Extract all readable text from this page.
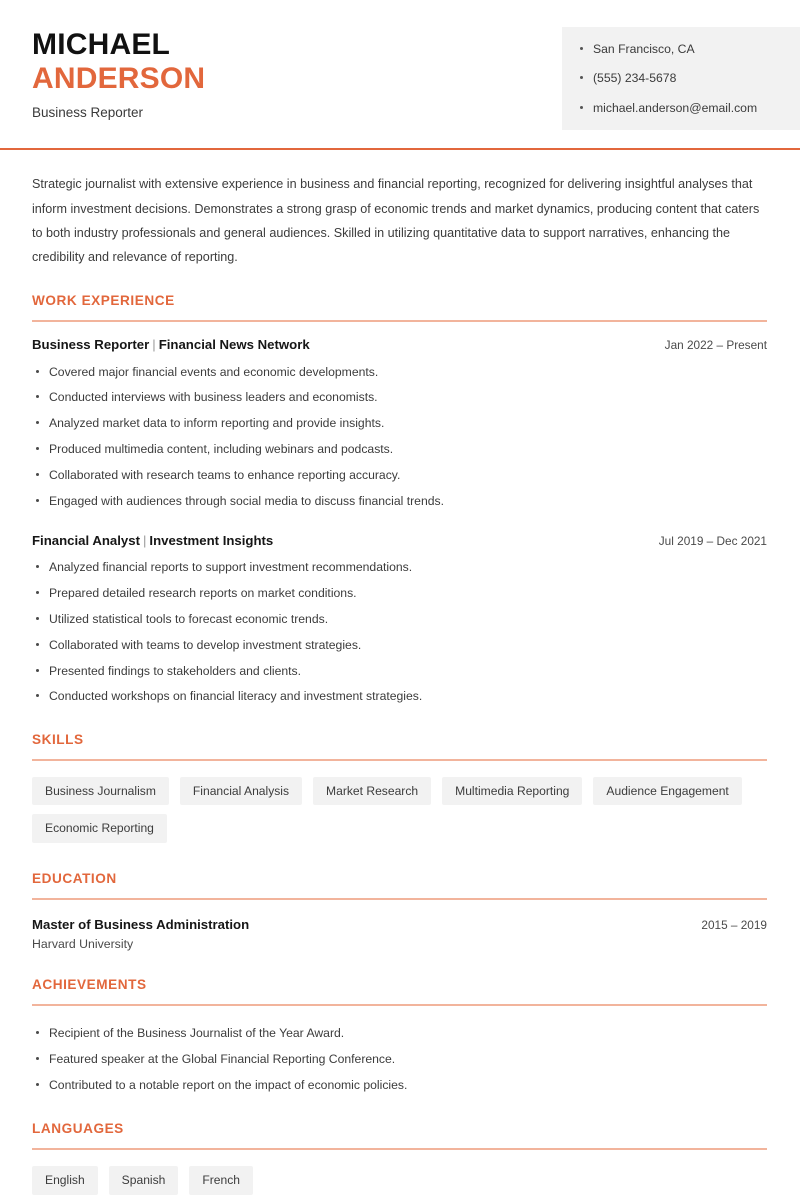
MICHAEL
ANDERSON
Business Reporter
San Francisco, CA
(555) 234-5678
michael.anderson@email.com

Strategic journalist with extensive experience in business and financial reporting, recognized for delivering insightful analyses that inform investment decisions. Demonstrates a strong grasp of economic trends and market dynamics, producing content that caters to both industry professionals and general audiences. Skilled in utilizing quantitative data to support narratives, enhancing the credibility and relevance of reporting.

WORK EXPERIENCE
Business Reporter | Financial News Network	Jan 2022 – Present
Covered major financial events and economic developments.
Conducted interviews with business leaders and economists.
Analyzed market data to inform reporting and provide insights.
Produced multimedia content, including webinars and podcasts.
Collaborated with research teams to enhance reporting accuracy.
Engaged with audiences through social media to discuss financial trends.
Financial Analyst | Investment Insights	Jul 2019 – Dec 2021
Analyzed financial reports to support investment recommendations.
Prepared detailed research reports on market conditions.
Utilized statistical tools to forecast economic trends.
Collaborated with teams to develop investment strategies.
Presented findings to stakeholders and clients.
Conducted workshops on financial literacy and investment strategies.
SKILLS
Business Journalism	Financial Analysis	Market Research	Multimedia Reporting	Audience Engagement
Economic Reporting
EDUCATION
Master of Business Administration	2015 – 2019
Harvard University
ACHIEVEMENTS
Recipient of the Business Journalist of the Year Award.
Featured speaker at the Global Financial Reporting Conference.
Contributed to a notable report on the impact of economic policies.
LANGUAGES
English	Spanish	French
